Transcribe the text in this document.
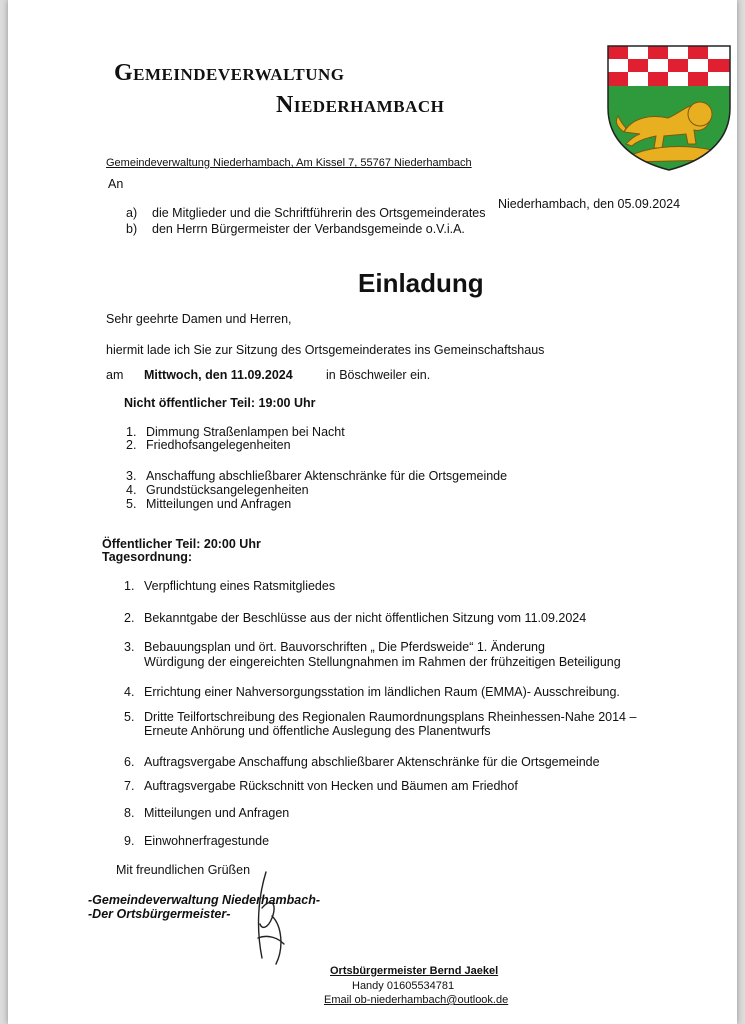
Gemeindeverwaltung
Niederhambach
Gemeindeverwaltung Niederhambach, Am Kissel 7, 55767 Niederhambach
An
a) die Mitglieder und die Schriftführerin des Ortsgemeinderates
b) den Herrn Bürgermeister der Verbandsgemeinde o.V.i.A.
Niederhambach, den 05.09.2024
Einladung
Sehr geehrte Damen und Herren,
hiermit lade ich Sie zur Sitzung des Ortsgemeinderates ins Gemeinschaftshaus
am Mittwoch, den 11.09.2024	in Böschweiler ein.
Nicht öffentlicher Teil: 19:00 Uhr
1. Dimmung Straßenlampen bei Nacht
2. Friedhofsangelegenheiten
3. Anschaffung abschließbarer Aktenschränke für die Ortsgemeinde
4. Grundstücksangelegenheiten
5. Mitteilungen und Anfragen
Öffentlicher Teil: 20:00 Uhr
Tagesordnung:
1. Verpflichtung eines Ratsmitgliedes
2. Bekanntgabe der Beschlüsse aus der nicht öffentlichen Sitzung vom 11.09.2024
3. Bebauungsplan und ört. Bauvorschriften „ Die Pferdsweide“ 1. Änderung
Würdigung der eingereichten Stellungnahmen im Rahmen der frühzeitigen Beteiligung
4. Errichtung einer Nahversorgungsstation im ländlichen Raum (EMMA)- Ausschreibung.
5. Dritte Teilfortschreibung des Regionalen Raumordnungsplans Rheinhessen-Nahe 2014 –
Erneute Anhörung und öffentliche Auslegung des Planentwurfs
6. Auftragsvergabe Anschaffung abschließbarer Aktenschränke für die Ortsgemeinde
7. Auftragsvergabe Rückschnitt von Hecken und Bäumen am Friedhof
8. Mitteilungen und Anfragen
9. Einwohnerfragestunde
Mit freundlichen Grüßen
-Gemeindeverwaltung Niederhambach-
-Der Ortsbürgermeister-
Ortsbürgermeister Bernd Jaekel
Handy 01605534781
Email ob-niederhambach@outlook.de
